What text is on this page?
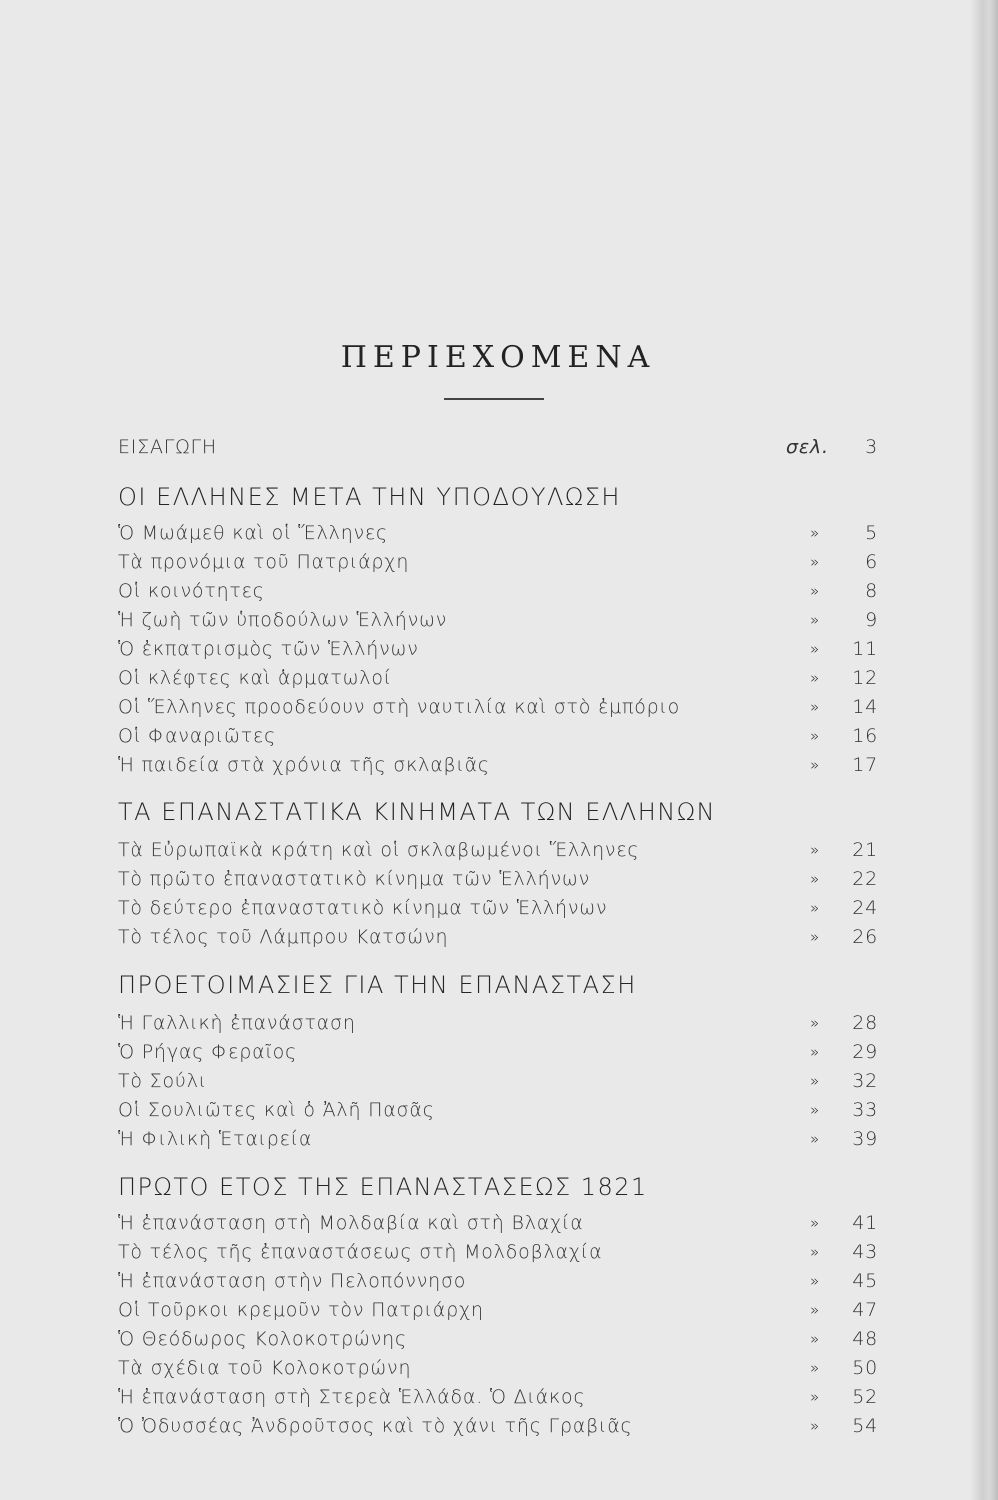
ΠΕΡΙΕΧΟΜΕΝΑ
ΕΙΣΑΓΩΓΗ	σελ. 3
ΟΙ ΕΛΛΗΝΕΣ ΜΕΤΑ ΤΗΝ ΥΠΟΔΟΥΛΩΣΗ
Ὁ Μωάμεθ καὶ οἱ Ἕλληνες	» 5
Τὰ προνόμια τοῦ Πατριάρχη	» 6
Οἱ κοινότητες	» 8
Ἡ ζωὴ τῶν ὑποδούλων Ἑλλήνων	» 9
Ὁ ἐκπατρισμὸς τῶν Ἑλλήνων	» 11
Οἱ κλέφτες καὶ ἁρματωλοί	» 12
Οἱ Ἕλληνες προοδεύουν στὴ ναυτιλία καὶ στὸ ἐμπόριο	» 14
Οἱ Φαναριῶτες	» 16
Ἡ παιδεία στὰ χρόνια τῆς σκλαβιᾶς	» 17
ΤΑ ΕΠΑΝΑΣΤΑΤΙΚΑ ΚΙΝΗΜΑΤΑ ΤΩΝ ΕΛΛΗΝΩΝ
Τὰ Εὐρωπαϊκὰ κράτη καὶ οἱ σκλαβωμένοι Ἕλληνες	» 21
Τὸ πρῶτο ἐπαναστατικὸ κίνημα τῶν Ἑλλήνων	» 22
Τὸ δεύτερο ἐπαναστατικὸ κίνημα τῶν Ἑλλήνων	» 24
Τὸ τέλος τοῦ Λάμπρου Κατσώνη	» 26
ΠΡΟΕΤΟΙΜΑΣΙΕΣ ΓΙΑ ΤΗΝ ΕΠΑΝΑΣΤΑΣΗ
Ἡ Γαλλικὴ ἐπανάσταση	» 28
Ὁ Ρήγας Φεραῖος	» 29
Τὸ Σούλι	» 32
Οἱ Σουλιῶτες καὶ ὁ Ἀλῆ Πασᾶς	» 33
Ἡ Φιλικὴ Ἑταιρεία	» 39
ΠΡΩΤΟ ΕΤΟΣ ΤΗΣ ΕΠΑΝΑΣΤΑΣΕΩΣ 1821
Ἡ ἐπανάσταση στὴ Μολδαβία καὶ στὴ Βλαχία	» 41
Τὸ τέλος τῆς ἐπαναστάσεως στὴ Μολδοβλαχία	» 43
Ἡ ἐπανάσταση στὴν Πελοπόννησο	» 45
Οἱ Τοῦρκοι κρεμοῦν τὸν Πατριάρχη	» 47
Ὁ Θεόδωρος Κολοκοτρώνης	» 48
Τὰ σχέδια τοῦ Κολοκοτρώνη	» 50
Ἡ ἐπανάσταση στὴ Στερεὰ Ἑλλάδα. Ὁ Διάκος	» 52
Ὁ Ὀδυσσέας Ἀνδροῦτσος καὶ τὸ χάνι τῆς Γραβιᾶς	» 54
